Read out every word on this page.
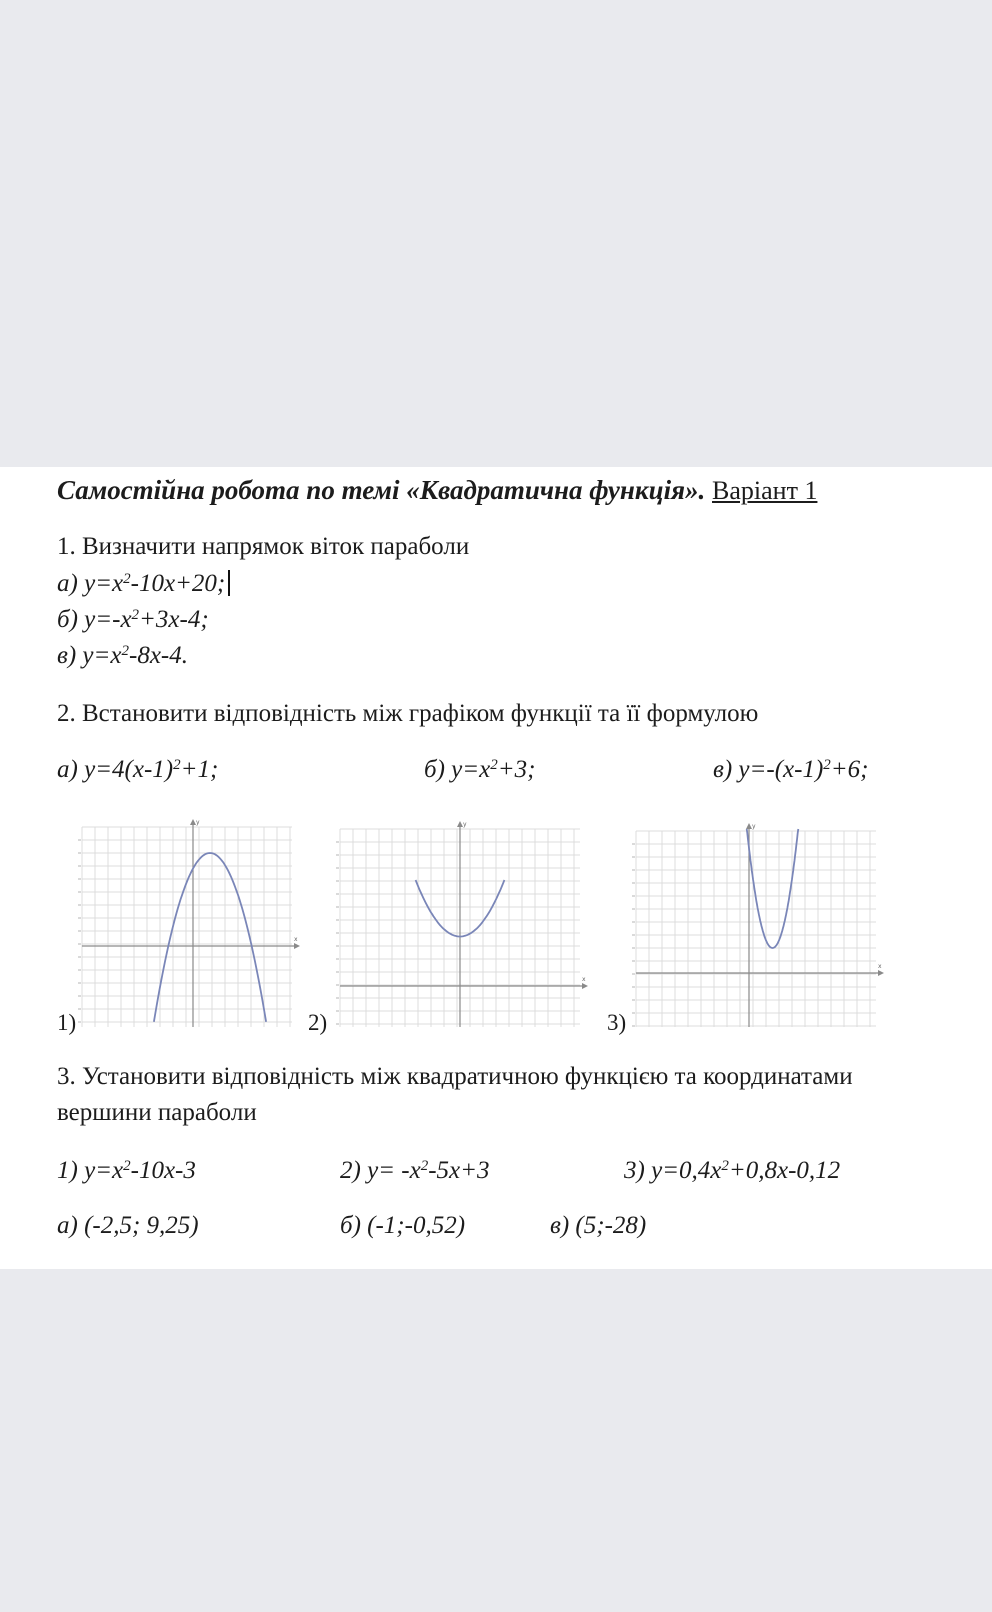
Самостійна робота по темі «Квадратична функція». Варіант 1
1. Визначити напрямок віток параболи
а) $у=х^2-10х+20$;
б) $у=-х^2+3х-4$;
в) $у=х^2-8х-4$.
2. Встановити відповідність між графіком функції та її формулою
а) $у=4(х-1)^2+1$;	б) $у=х^2+3$;	в) $у=-(х-1)^2+6$;
x
y
x
y
x
y
1)	2)	3)
3. Установити відповідність між квадратичною функцією та координатами
вершини параболи
1) $у=х^2-10х-3$	2) $у= -х^2-5х+3$	3) $у=0,4х^2+0,8х-0,12$
а) (-2,5; 9,25)	б) (-1;-0,52)	в) (5;-28)
